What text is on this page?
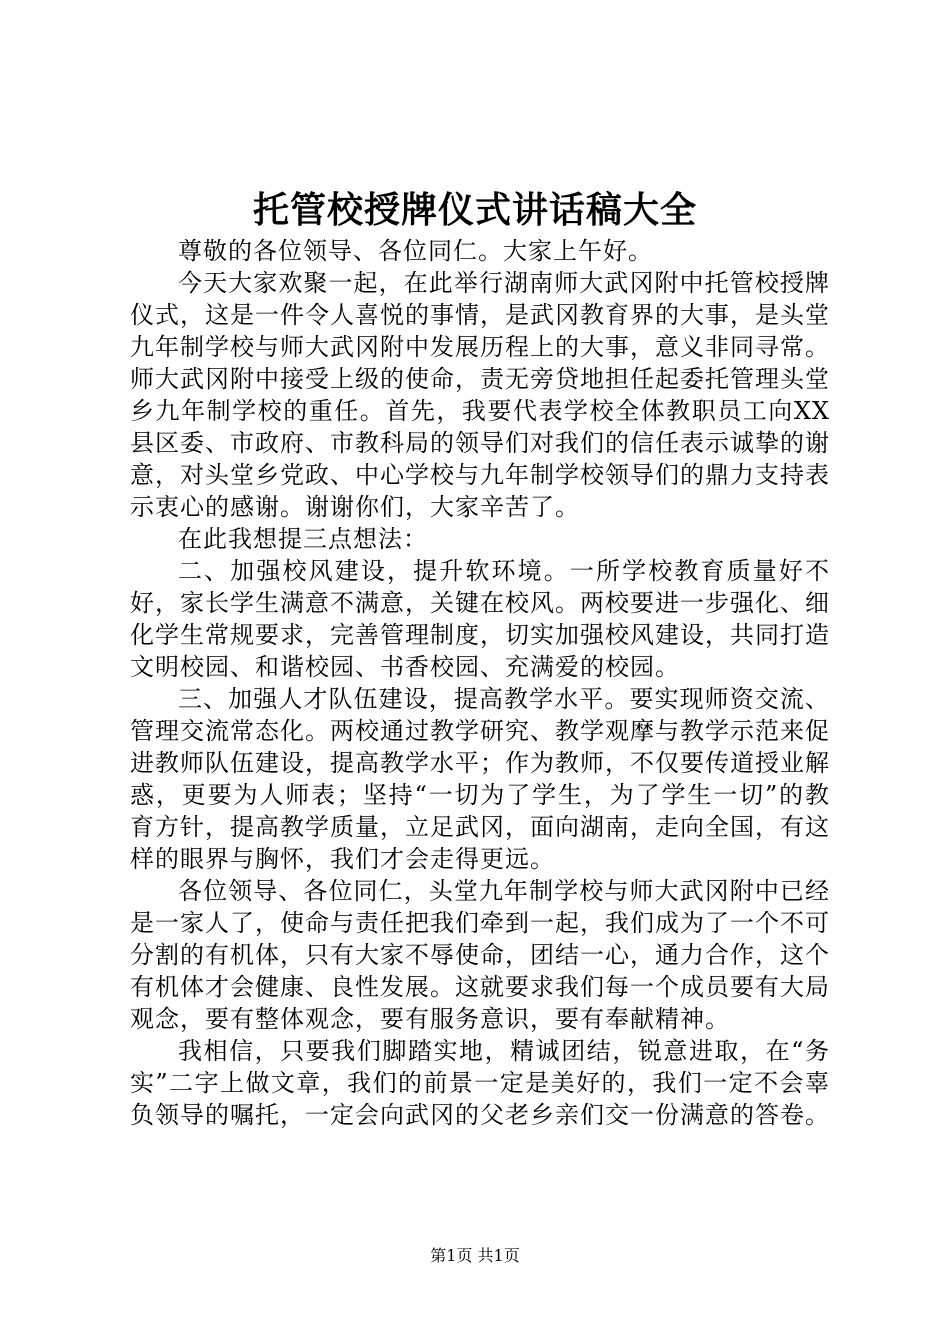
托管校授牌仪式讲话稿大全

尊敬的各位领导、各位同仁。大家上午好。

今天大家欢聚一起，在此举行湖南师大武冈附中托管校授牌仪式，这是一件令人喜悦的事情，是武冈教育界的大事，是头堂九年制学校与师大武冈附中发展历程上的大事，意义非同寻常。师大武冈附中接受上级的使命，责无旁贷地担任起委托管理头堂乡九年制学校的重任。首先，我要代表学校全体教职员工向XX县区委、市政府、市教科局的领导们对我们的信任表示诚挚的谢意，对头堂乡党政、中心学校与九年制学校领导们的鼎力支持表示衷心的感谢。谢谢你们，大家辛苦了。

在此我想提三点想法：

二、加强校风建设，提升软环境。一所学校教育质量好不好，家长学生满意不满意，关键在校风。两校要进一步强化、细化学生常规要求，完善管理制度，切实加强校风建设，共同打造文明校园、和谐校园、书香校园、充满爱的校园。

三、加强人才队伍建设，提高教学水平。要实现师资交流、管理交流常态化。两校通过教学研究、教学观摩与教学示范来促进教师队伍建设，提高教学水平；作为教师，不仅要传道授业解惑，更要为人师表；坚持“一切为了学生，为了学生一切”的教育方针，提高教学质量，立足武冈，面向湖南，走向全国，有这样的眼界与胸怀，我们才会走得更远。

各位领导、各位同仁，头堂九年制学校与师大武冈附中已经是一家人了，使命与责任把我们牵到一起，我们成为了一个不可分割的有机体，只有大家不辱使命，团结一心，通力合作，这个有机体才会健康、良性发展。这就要求我们每一个成员要有大局观念，要有整体观念，要有服务意识，要有奉献精神。

我相信，只要我们脚踏实地，精诚团结，锐意进取，在“务实”二字上做文章，我们的前景一定是美好的，我们一定不会辜负领导的嘱托，一定会向武冈的父老乡亲们交一份满意的答卷。

第1页 共1页
